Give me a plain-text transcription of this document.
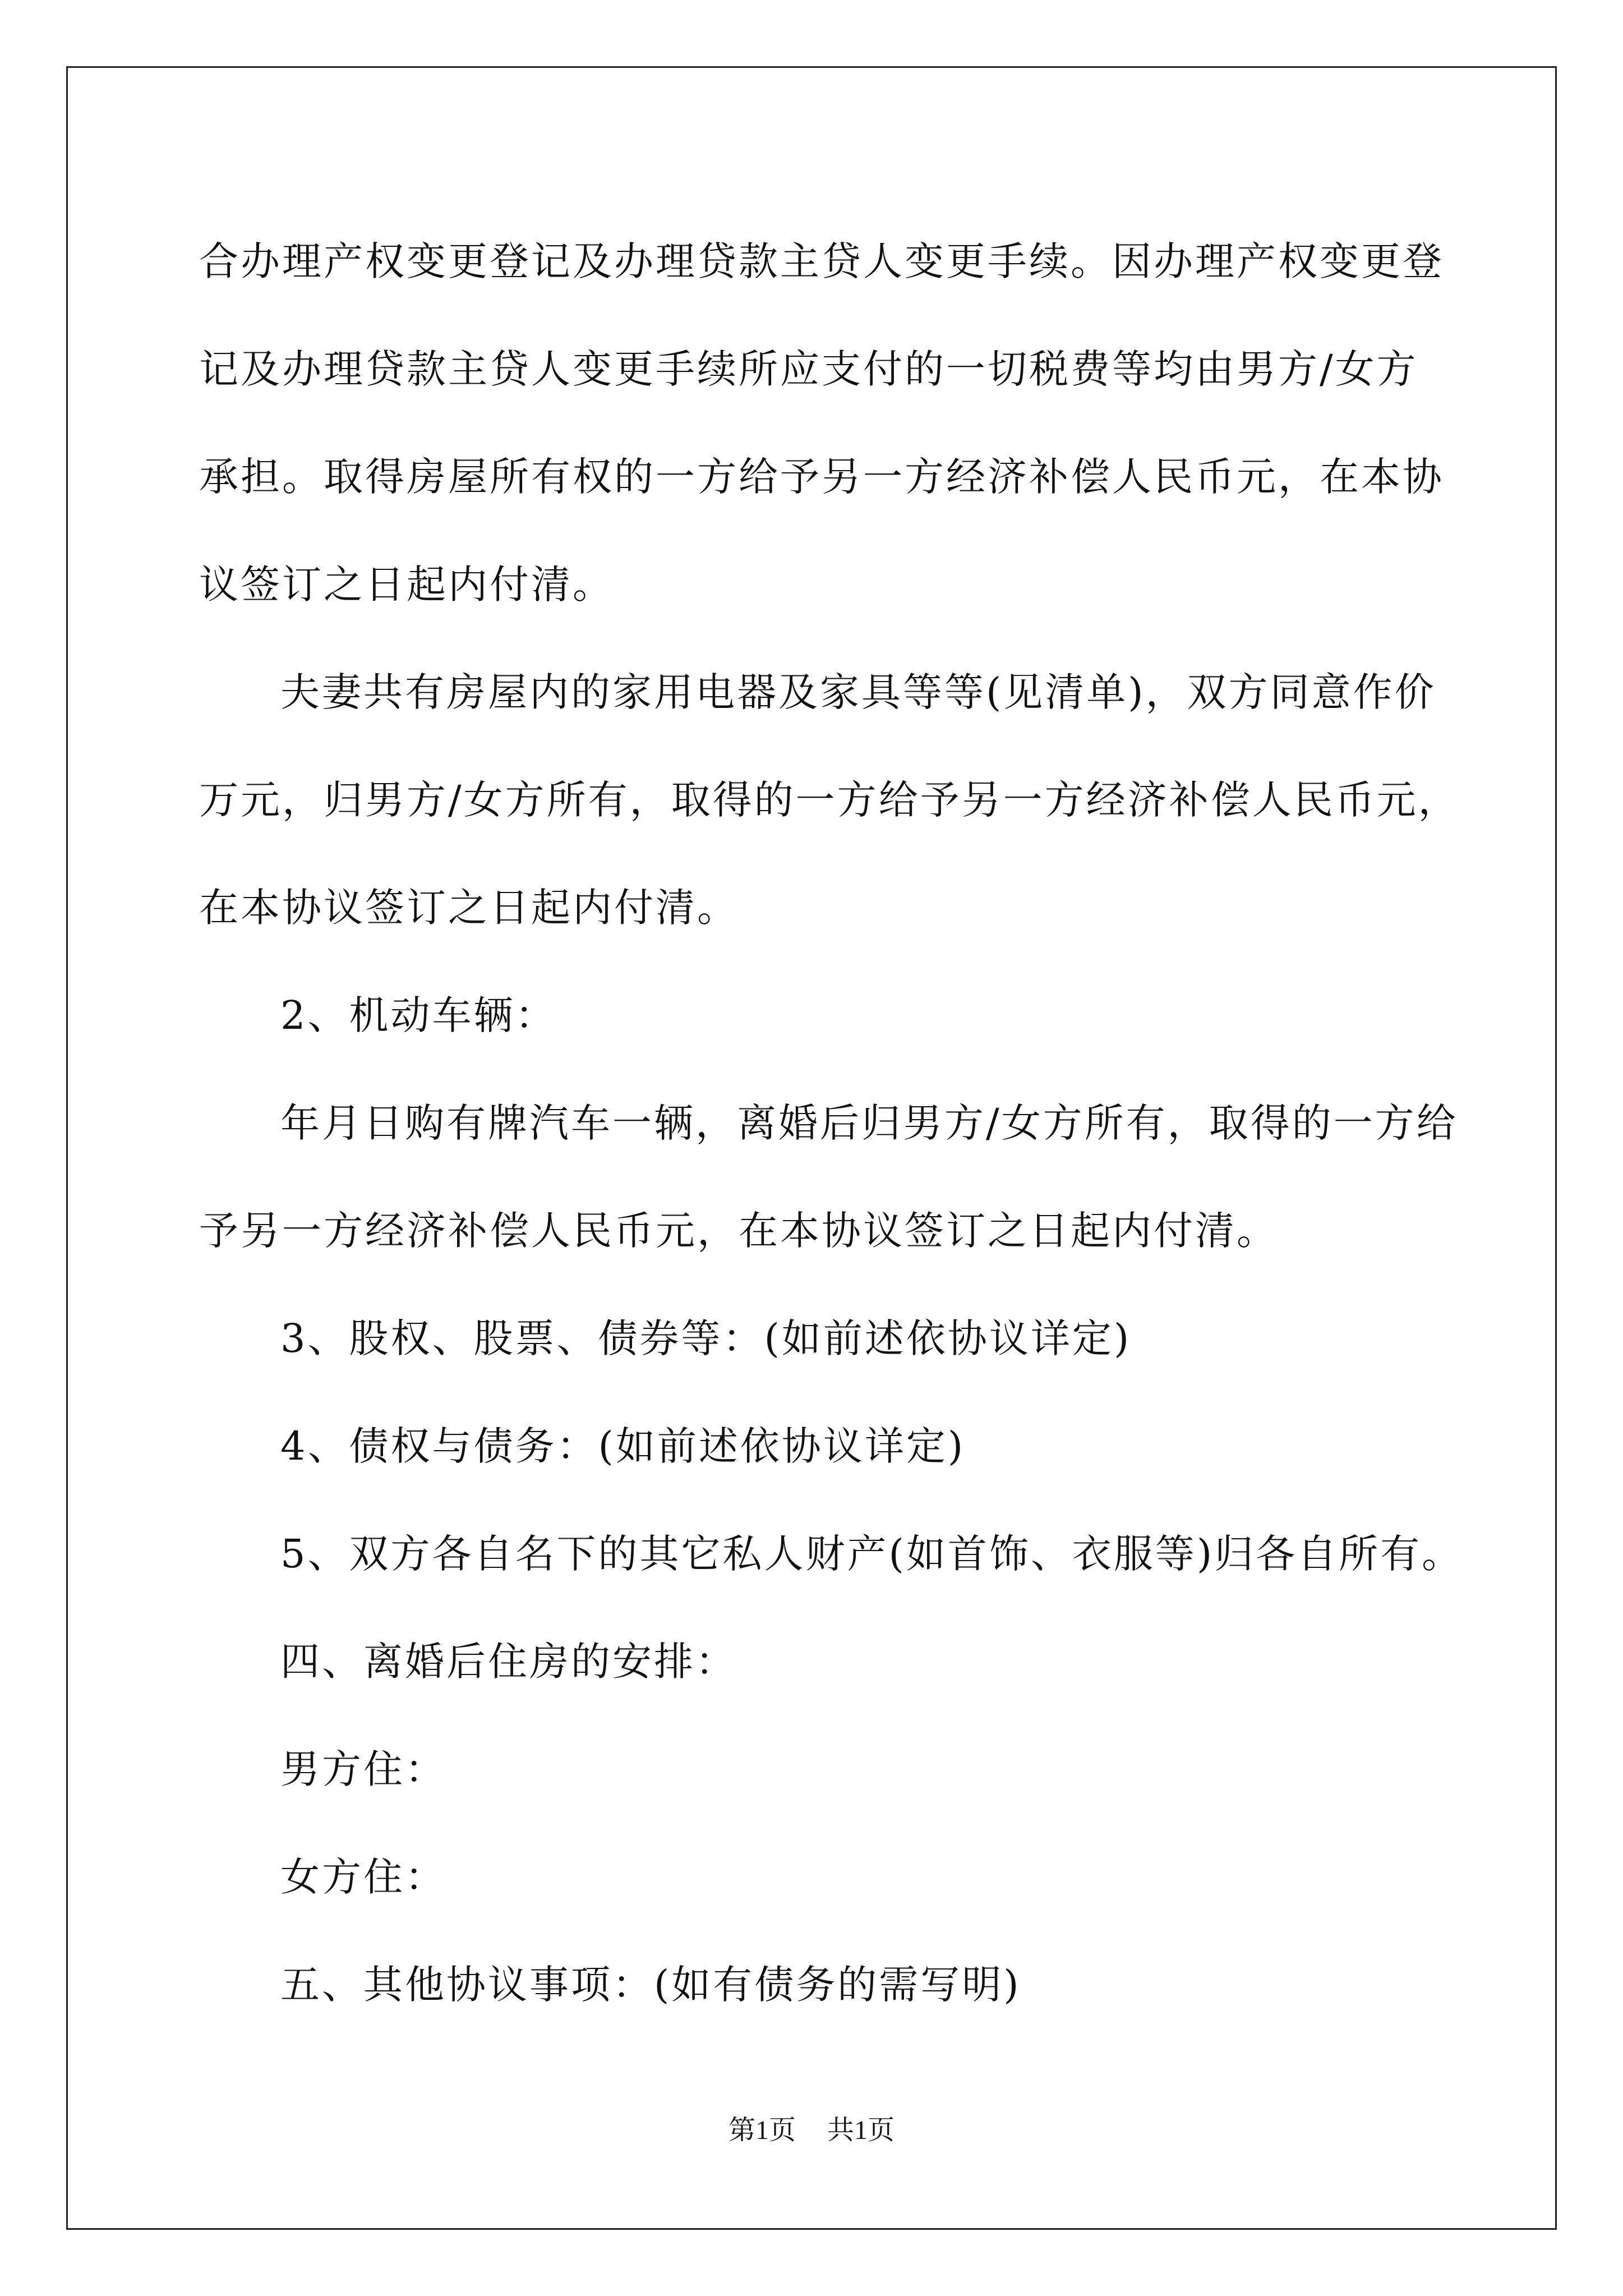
合办理产权变更登记及办理贷款主贷人变更手续。因办理产权变更登
记及办理贷款主贷人变更手续所应支付的一切税费等均由男方/女方
承担。取得房屋所有权的一方给予另一方经济补偿人民币元，在本协
议签订之日起内付清。
夫妻共有房屋内的家用电器及家具等等(见清单)，双方同意作价
万元，归男方/女方所有，取得的一方给予另一方经济补偿人民币元，
在本协议签订之日起内付清。
2、机动车辆：
年月日购有牌汽车一辆，离婚后归男方/女方所有，取得的一方给
予另一方经济补偿人民币元，在本协议签订之日起内付清。
3、股权、股票、债券等：(如前述依协议详定)
4、债权与债务：(如前述依协议详定)
5、双方各自名下的其它私人财产(如首饰、衣服等)归各自所有。
四、离婚后住房的安排：
男方住：
女方住：
五、其他协议事项：(如有债务的需写明)
第1页 共1页
